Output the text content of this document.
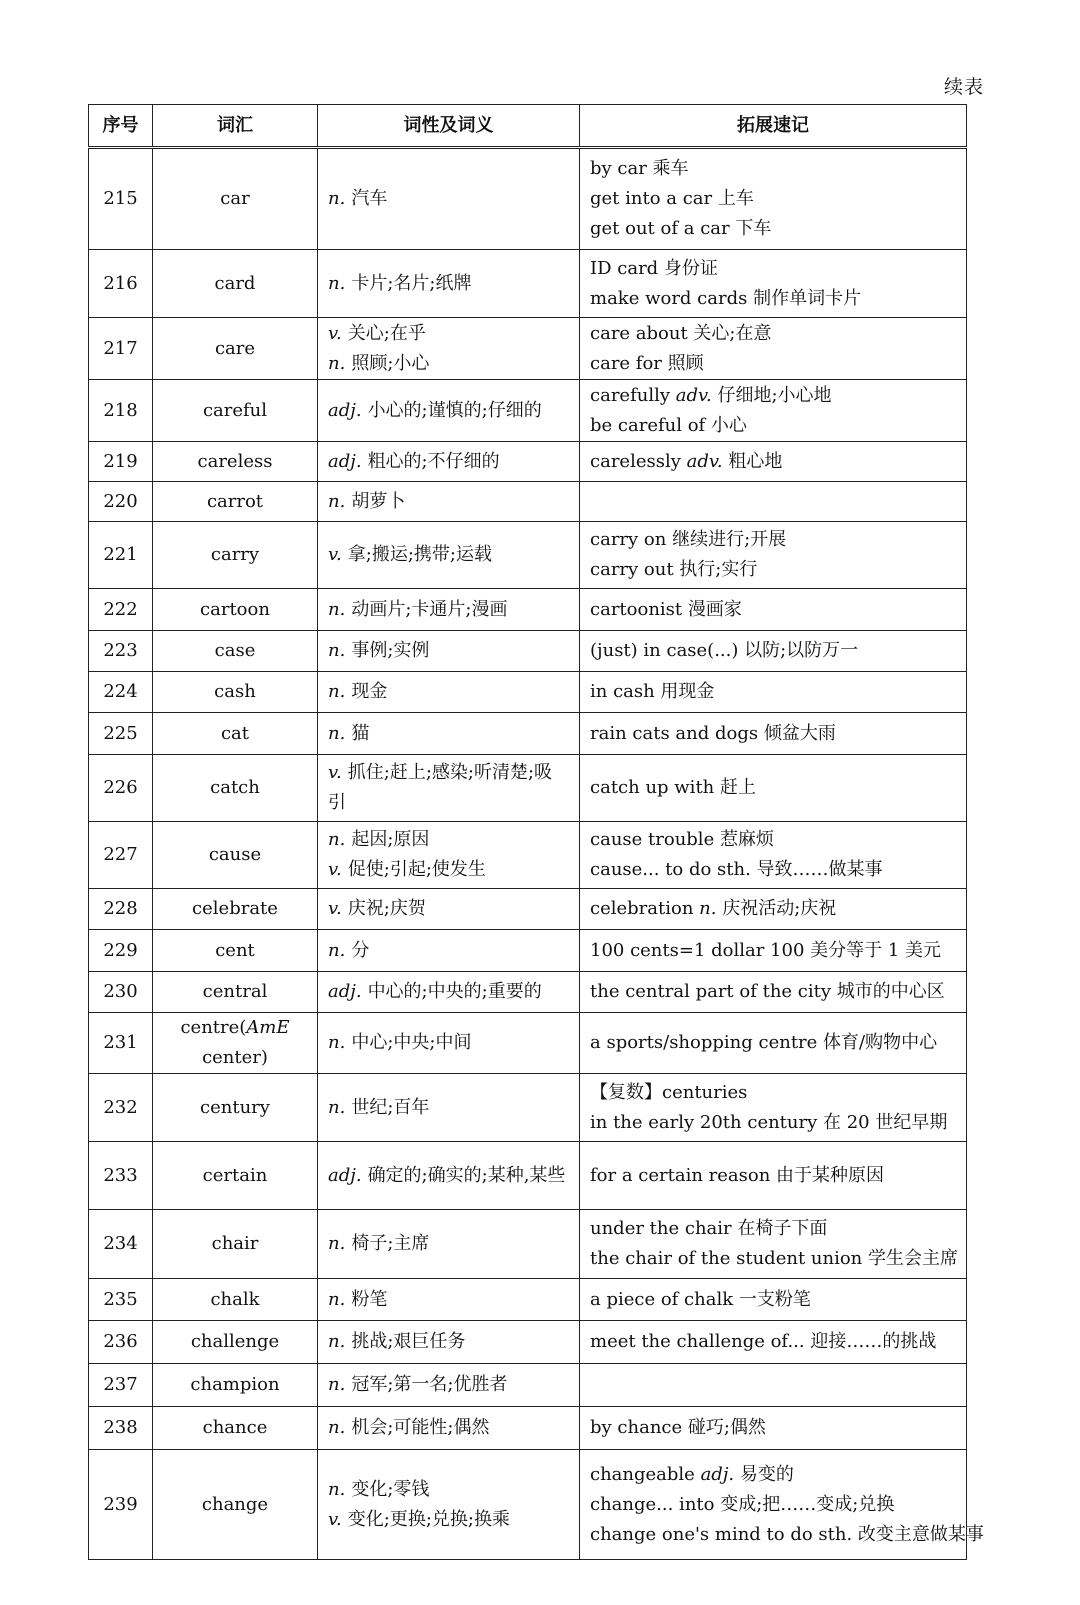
续表
序号	词汇	词性及词义	拓展速记
215	car	n. 汽车	by car 乘车
get into a car 上车
get out of a car 下车

216	card	n. 卡片;名片;纸牌	ID card 身份证
make word cards 制作单词卡片

217	care	v. 关心;在乎
n. 照顾;小心	care about 关心;在意
care for 照顾

218	careful	adj. 小心的;谨慎的;仔细的	carefully adv. 仔细地;小心地
be careful of 小心

219	careless	adj. 粗心的;不仔细的	carelessly adv. 粗心地

220	carrot	n. 胡萝卜	

221	carry	v. 拿;搬运;携带;运载	carry on 继续进行;开展
carry out 执行;实行

222	cartoon	n. 动画片;卡通片;漫画	cartoonist 漫画家

223	case	n. 事例;实例	(just) in case(...) 以防;以防万一

224	cash	n. 现金	in cash 用现金

225	cat	n. 猫	rain cats and dogs 倾盆大雨

226	catch	v. 抓住;赶上;感染;听清楚;吸引	catch up with 赶上

227	cause	n. 起因;原因
v. 促使;引起;使发生	cause trouble 惹麻烦
cause... to do sth. 导致……做某事

228	celebrate	v. 庆祝;庆贺	celebration n. 庆祝活动;庆祝

229	cent	n. 分	100 cents=1 dollar 100 美分等于 1 美元

230	central	adj. 中心的;中央的;重要的	the central part of the city 城市的中心区

231	centre(AmE center)	n. 中心;中央;中间	a sports/shopping centre 体育/购物中心

232	century	n. 世纪;百年	【复数】centuries
in the early 20th century 在 20 世纪早期

233	certain	adj. 确定的;确实的;某种,某些	for a certain reason 由于某种原因

234	chair	n. 椅子;主席	under the chair 在椅子下面
the chair of the student union 学生会主席

235	chalk	n. 粉笔	a piece of chalk 一支粉笔

236	challenge	n. 挑战;艰巨任务	meet the challenge of... 迎接……的挑战

237	champion	n. 冠军;第一名;优胜者	

238	chance	n. 机会;可能性;偶然	by chance 碰巧;偶然

239	change	n. 变化;零钱
v. 变化;更换;兑换;换乘	changeable adj. 易变的
change... into 变成;把……变成;兑换
change one's mind to do sth. 改变主意做某事
